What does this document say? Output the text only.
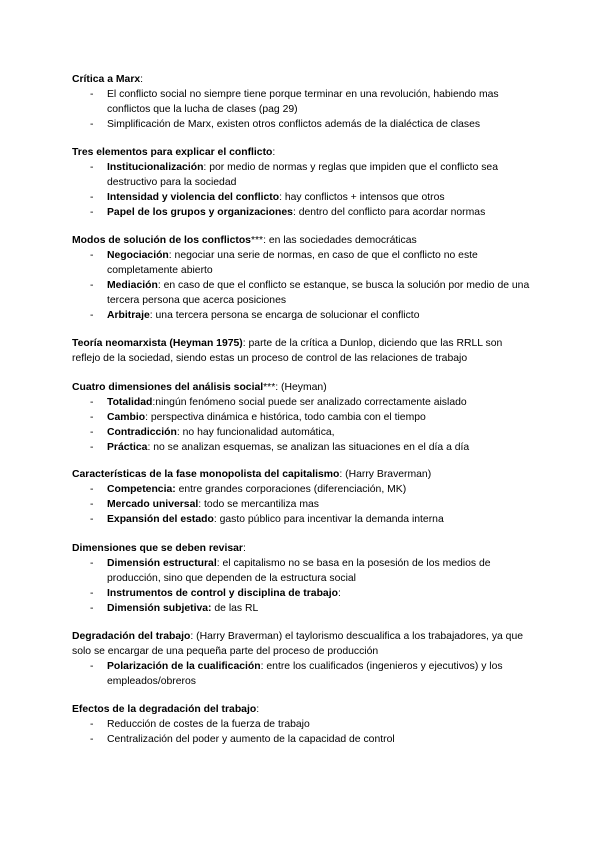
Crítica a Marx:

- El conflicto social no siempre tiene porque terminar en una revolución, habiendo mas conflictos que la lucha de clases (pag 29)
- Simplificación de Marx, existen otros conflictos además de la dialéctica de clases

Tres elementos para explicar el conflicto:

- Institucionalización: por medio de normas y reglas que impiden que el conflicto sea destructivo para la sociedad
- Intensidad y violencia del conflicto: hay conflictos + intensos que otros
- Papel de los grupos y organizaciones: dentro del conflicto para acordar normas

Modos de solución de los conflictos***: en las sociedades democráticas

- Negociación: negociar una serie de normas, en caso de que el conflicto no este completamente abierto
- Mediación: en caso de que el conflicto se estanque, se busca la solución por medio de una tercera persona que acerca posiciones
- Arbitraje: una tercera persona se encarga de solucionar el conflicto

Teoría neomarxista (Heyman 1975): parte de la crítica a Dunlop, diciendo que las RRLL son reflejo de la sociedad, siendo estas un proceso de control de las relaciones de trabajo

Cuatro dimensiones del análisis social***: (Heyman)

- Totalidad:ningún fenómeno social puede ser analizado correctamente aislado
- Cambio: perspectiva dinámica e histórica, todo cambia con el tiempo
- Contradicción: no hay funcionalidad automática,
- Práctica: no se analizan esquemas, se analizan las situaciones en el día a día

Características de la fase monopolista del capitalismo: (Harry Braverman)

- Competencia: entre grandes corporaciones (diferenciación, MK)
- Mercado universal: todo se mercantiliza mas
- Expansión del estado: gasto público para incentivar la demanda interna

Dimensiones que se deben revisar:

- Dimensión estructural: el capitalismo no se basa en la posesión de los medios de producción, sino que dependen de la estructura social
- Instrumentos de control y disciplina de trabajo:
- Dimensión subjetiva: de las RL

Degradación del trabajo: (Harry Braverman) el taylorismo descualifica a los trabajadores, ya que solo se encargar de una pequeña parte del proceso de producción

- Polarización de la cualificación: entre los cualificados (ingenieros y ejecutivos) y los empleados/obreros

Efectos de la degradación del trabajo:

- Reducción de costes de la fuerza de trabajo
- Centralización del poder y aumento de la capacidad de control
